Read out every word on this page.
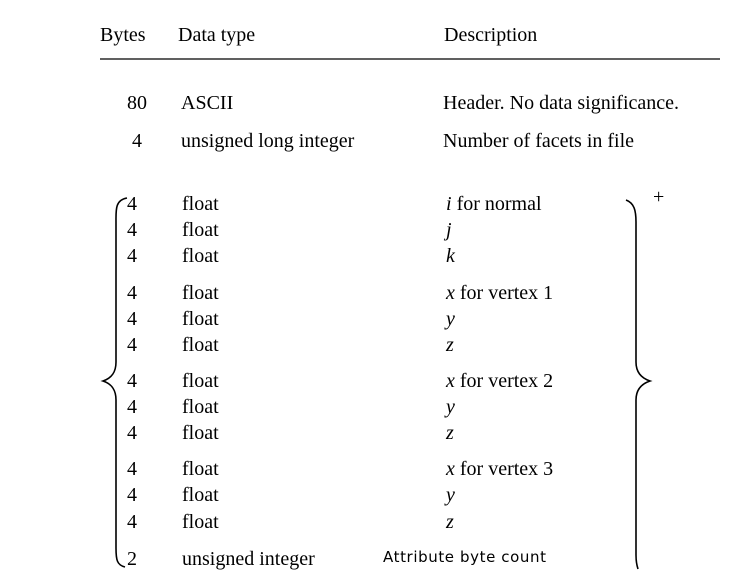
Bytes Data type	Description
+
80	ASCII	Header. No data significance.
4	unsigned long integer	Number of facets in file
4 float	i for normal
4 float	j
4 float	k
4 float	x for vertex 1
4 float	y
4 float	z
4 float	x for vertex 2
4 float	y
4 float	z
4 float	x for vertex 3
4 float	y
4 float	z
2 unsigned integer	Attribute byte count
